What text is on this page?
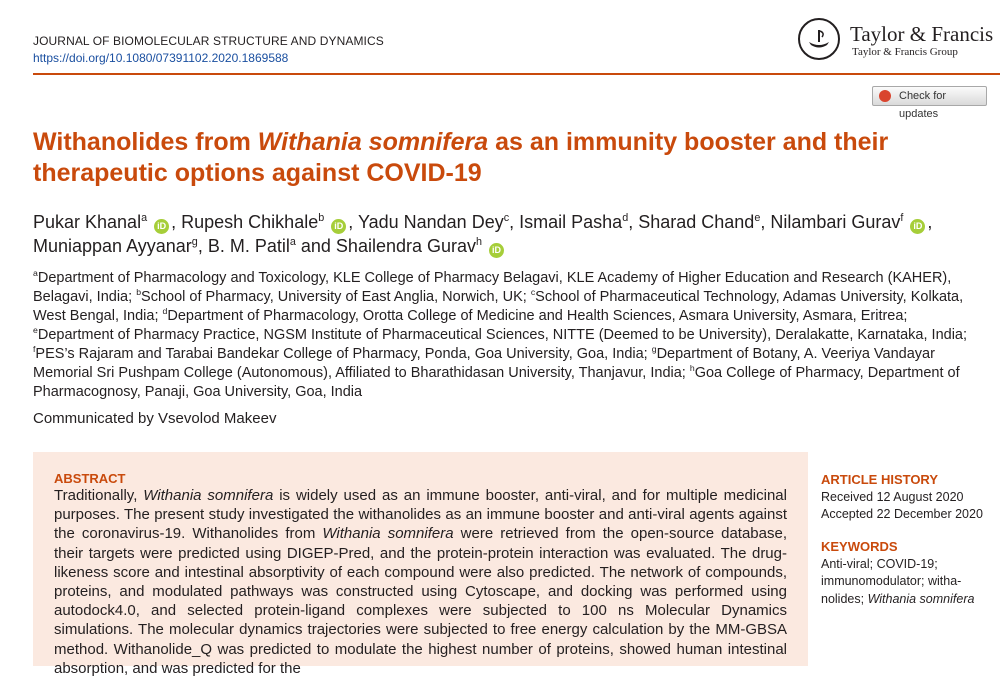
JOURNAL OF BIOMOLECULAR STRUCTURE AND DYNAMICS
https://doi.org/10.1080/07391102.2020.1869588
Taylor & Francis
Taylor & Francis Group
Check for updates
Withanolides from Withania somnifera as an immunity booster and their therapeutic options against COVID-19
Pukar Khanal$^a$ iD , Rupesh Chikhale$^b$ iD , Yadu Nandan Dey$^c$, Ismail Pasha$^d$, Sharad Chand$^e$, Nilambari Gurav$^f$ iD , Muniappan Ayyanar$^g$, B. M. Patil$^a$ and Shailendra Gurav$^h$ iD
$^a$Department of Pharmacology and Toxicology, KLE College of Pharmacy Belagavi, KLE Academy of Higher Education and Research (KAHER), Belagavi, India; $^b$School of Pharmacy, University of East Anglia, Norwich, UK; $^c$School of Pharmaceutical Technology, Adamas University, Kolkata, West Bengal, India; $^d$Department of Pharmacology, Orotta College of Medicine and Health Sciences, Asmara University, Asmara, Eritrea; $^e$Department of Pharmacy Practice, NGSM Institute of Pharmaceutical Sciences, NITTE (Deemed to be University), Deralakatte, Karnataka, India; $^f$PES’s Rajaram and Tarabai Bandekar College of Pharmacy, Ponda, Goa University, Goa, India; $^g$Department of Botany, A. Veeriya Vandayar Memorial Sri Pushpam College (Autonomous), Affiliated to Bharathidasan University, Thanjavur, India; $^h$Goa College of Pharmacy, Department of Pharmacognosy, Panaji, Goa University, Goa, India
Communicated by Vsevolod Makeev
ABSTRACT
Traditionally, Withania somnifera is widely used as an immune booster, anti-viral, and for multiple medicinal purposes. The present study investigated the withanolides as an immune booster and anti-viral agents against the coronavirus-19. Withanolides from Withania somnifera were retrieved from the open-source database, their targets were predicted using DIGEP-Pred, and the protein-protein interaction was evaluated. The drug-likeness score and intestinal absorptivity of each compound were also predicted. The network of compounds, proteins, and modulated pathways was constructed using Cytoscape, and docking was performed using autodock4.0, and selected protein-ligand complexes were subjected to 100 ns Molecular Dynamics simulations. The molecular dynamics trajectories were subjected to free energy calculation by the MM-GBSA method. Withanolide_Q was predicted to modulate the highest number of proteins, showed human intestinal absorption, and was predicted for the
ARTICLE HISTORY
Received 12 August 2020
Accepted 22 December 2020
KEYWORDS
Anti-viral; COVID-19; immunomodulator; witha-nolides; Withania somnifera
